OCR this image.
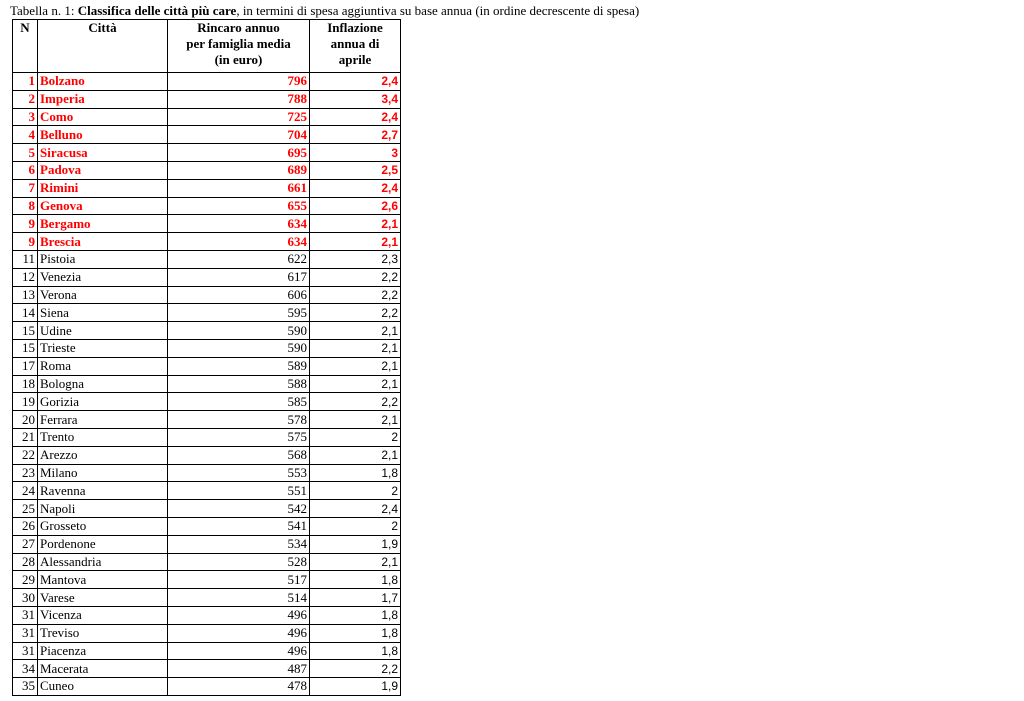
Tabella n. 1: Classifica delle città più care, in termini di spesa aggiuntiva su base annua (in ordine decrescente di spesa)
N	Città	Rincaro annuo
per famiglia media
(in euro)	Inflazione
annua di
aprile
1	Bolzano	796	2,4
2	Imperia	788	3,4
3	Como	725	2,4
4	Belluno	704	2,7
5	Siracusa	695	3
6	Padova	689	2,5
7	Rimini	661	2,4
8	Genova	655	2,6
9	Bergamo	634	2,1
9	Brescia	634	2,1
11	Pistoia	622	2,3
12	Venezia	617	2,2
13	Verona	606	2,2
14	Siena	595	2,2
15	Udine	590	2,1
15	Trieste	590	2,1
17	Roma	589	2,1
18	Bologna	588	2,1
19	Gorizia	585	2,2
20	Ferrara	578	2,1
21	Trento	575	2
22	Arezzo	568	2,1
23	Milano	553	1,8
24	Ravenna	551	2
25	Napoli	542	2,4
26	Grosseto	541	2
27	Pordenone	534	1,9
28	Alessandria	528	2,1
29	Mantova	517	1,8
30	Varese	514	1,7
31	Vicenza	496	1,8
31	Treviso	496	1,8
31	Piacenza	496	1,8
34	Macerata	487	2,2
35	Cuneo	478	1,9
